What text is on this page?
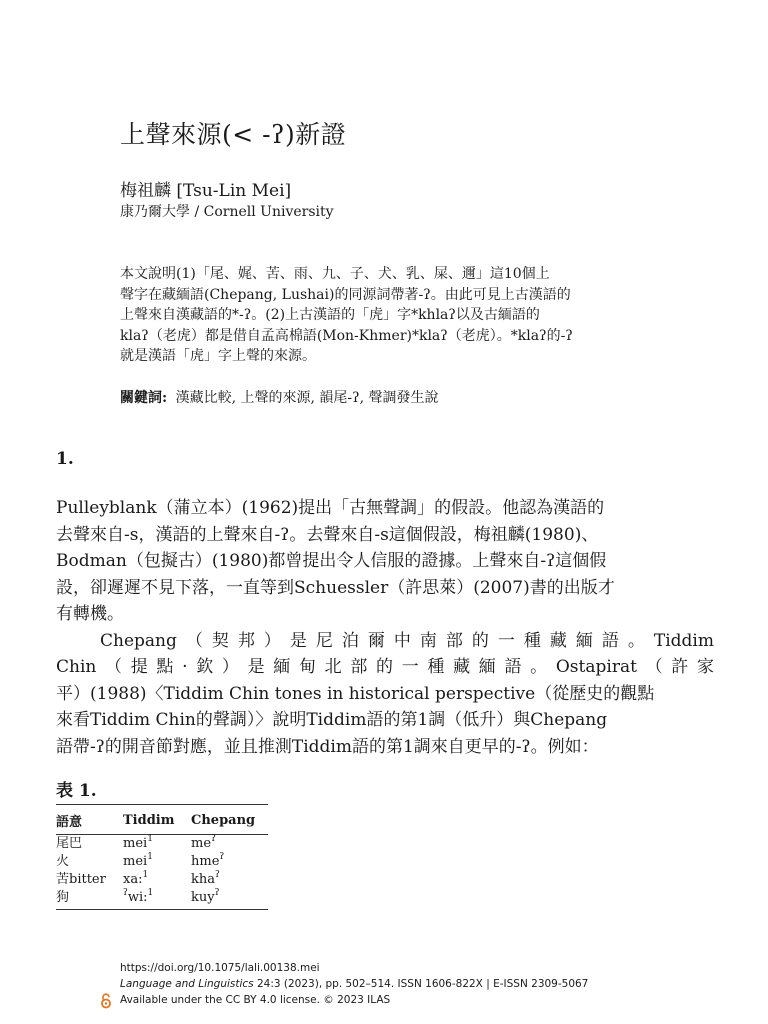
上聲來源(< -ʔ)新證
梅祖麟 [Tsu-Lin Mei]
康乃爾大學 / Cornell University
本文說明(1)「尾、娓、苦、雨、九、子、犬、乳、屎、邇」這10個上
聲字在藏緬語(Chepang, Lushai)的同源詞帶著-ʔ。由此可見上古漢語的
上聲來自漢藏語的*-ʔ。(2)上古漢語的「虎」字*khlaʔ以及古緬語的
klaʔ（老虎）都是借自孟高棉語(Mon-Khmer)*klaʔ（老虎）。*klaʔ的-ʔ
就是漢語「虎」字上聲的來源。
關鍵詞: 漢藏比較, 上聲的來源, 韻尾-ʔ, 聲調發生說
1.
Pulleyblank（蒲立本）(1962)提出「古無聲調」的假設。他認為漢語的
去聲來自-s，漢語的上聲來自-ʔ。去聲來自-s這個假設，梅祖麟(1980)、
Bodman（包擬古）(1980)都曾提出令人信服的證據。上聲來自-ʔ這個假
設，卻遲遲不見下落，一直等到Schuessler（許思萊）(2007)書的出版才
有轉機。
Chepang（契邦）是尼泊爾中南部的一種藏緬語。Tiddim
Chin（提點·欽）是緬甸北部的一種藏緬語。Ostapirat（許家
平）(1988)〈Tiddim Chin tones in historical perspective（從歷史的觀點
來看Tiddim Chin的聲調）〉說明Tiddim語的第1調（低升）與Chepang
語帶-ʔ的開音節對應，並且推測Tiddim語的第1調來自更早的-ʔ。例如：
表 1.
語意	Tiddim	Chepang
尾巴	mei$^1$	$me^ʔ$
火	mei$^1$	hme$^ʔ$
苦bitter	xa:$^1$	kha$^ʔ$
狗	$^ʔ$wi:$^1$	kuy$^ʔ$
https://doi.org/10.1075/lali.00138.mei
Language and Linguistics 24:3 (2023), pp. 502–514. ISSN 1606-822X | E-ISSN 2309-5067
Available under the CC BY 4.0 license. © 2023 ILAS
